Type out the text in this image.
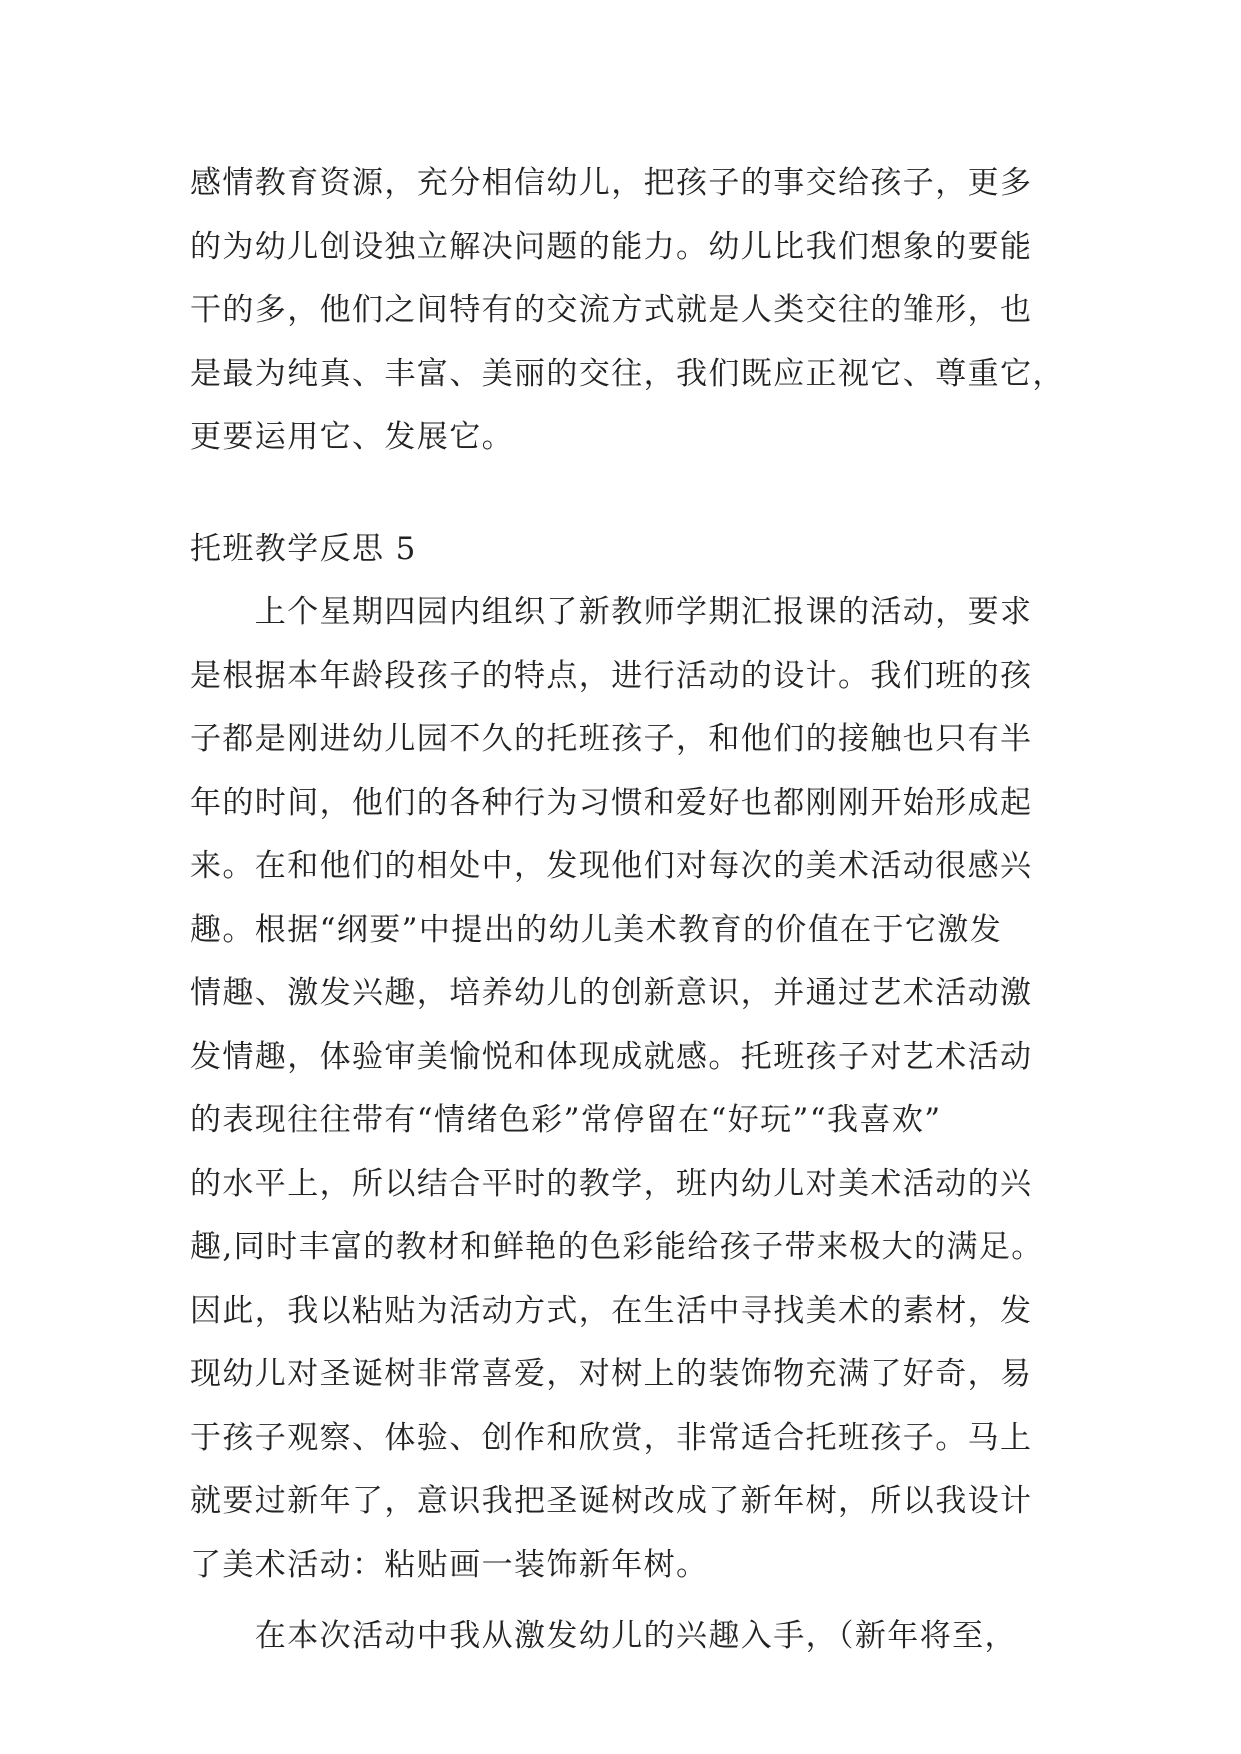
感情教育资源，充分相信幼儿，把孩子的事交给孩子，更多
的为幼儿创设独立解决问题的能力。幼儿比我们想象的要能
干的多，他们之间特有的交流方式就是人类交往的雏形，也
是最为纯真、丰富、美丽的交往，我们既应正视它、尊重它，
更要运用它、发展它。
托班教学反思 5
　　上个星期四园内组织了新教师学期汇报课的活动，要求
是根据本年龄段孩子的特点，进行活动的设计。我们班的孩
子都是刚进幼儿园不久的托班孩子，和他们的接触也只有半
年的时间，他们的各种行为习惯和爱好也都刚刚开始形成起
来。在和他们的相处中，发现他们对每次的美术活动很感兴
趣。根据“纲要”中提出的幼儿美术教育的价值在于它激发
情趣、激发兴趣，培养幼儿的创新意识，并通过艺术活动激
发情趣，体验审美愉悦和体现成就感。托班孩子对艺术活动
的表现往往带有“情绪色彩”常停留在“好玩”“我喜欢”
的水平上，所以结合平时的教学，班内幼儿对美术活动的兴
趣,同时丰富的教材和鲜艳的色彩能给孩子带来极大的满足。
因此，我以粘贴为活动方式，在生活中寻找美术的素材，发
现幼儿对圣诞树非常喜爱，对树上的装饰物充满了好奇，易
于孩子观察、体验、创作和欣赏，非常适合托班孩子。马上
就要过新年了，意识我把圣诞树改成了新年树，所以我设计
了美术活动：粘贴画一装饰新年树。
　　在本次活动中我从激发幼儿的兴趣入手，（新年将至，
